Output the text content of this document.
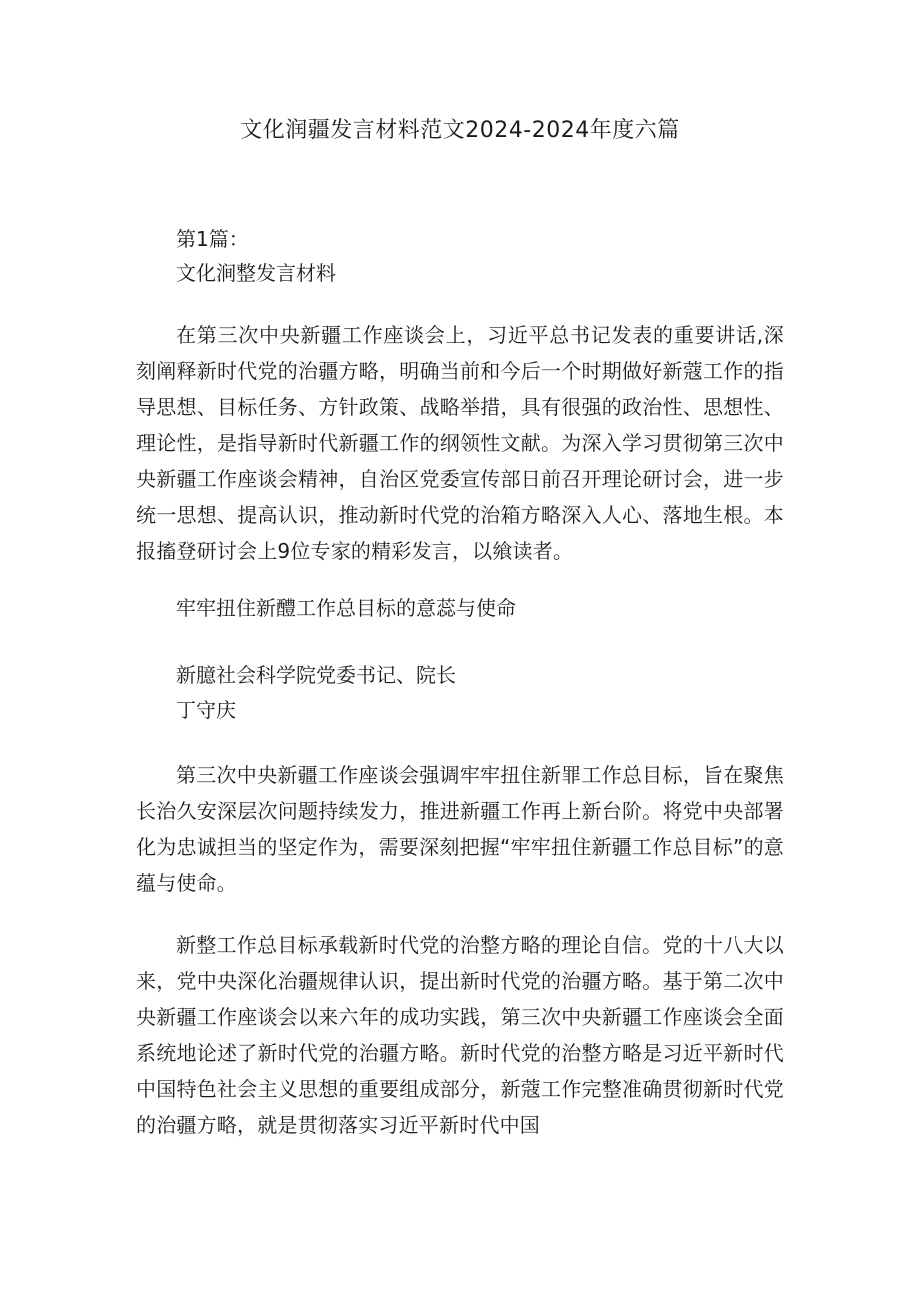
文化润疆发言材料范文2024-2024年度六篇
第1篇：
文化涧整发言材料

在第三次中央新疆工作座谈会上，习近平总书记发表的重要讲话,深刻阐释新时代党的治疆方略，明确当前和今后一个时期做好新蔻工作的指导思想、目标任务、方针政策、战略举措，具有很强的政治性、思想性、理论性，是指导新时代新疆工作的纲领性文献。为深入学习贯彻第三次中央新疆工作座谈会精神，自治区党委宣传部日前召开理论研讨会，进一步统一思想、提高认识，推动新时代党的治箱方略深入人心、落地生根。本报搐登研讨会上9位专家的精彩发言，以飨读者。

牢牢扭住新醴工作总目标的意蕊与使命
新臆社会科学院党委书记、院长
丁守庆

第三次中央新疆工作座谈会强调牢牢扭住新罪工作总目标，旨在聚焦长治久安深层次问题持续发力，推进新疆工作再上新台阶。将党中央部署化为忠诚担当的坚定作为，需要深刻把握“牢牢扭住新疆工作总目标”的意蕴与使命。

新整工作总目标承载新时代党的治整方略的理论自信。党的十八大以来，党中央深化治疆规律认识，提出新时代党的治疆方略。基于第二次中央新疆工作座谈会以来六年的成功实践，第三次中央新疆工作座谈会全面系统地论述了新时代党的治疆方略。新时代党的治整方略是习近平新时代中国特色社会主义思想的重要组成部分，新蔻工作完整准确贯彻新时代党的治疆方略，就是贯彻落实习近平新时代中国
